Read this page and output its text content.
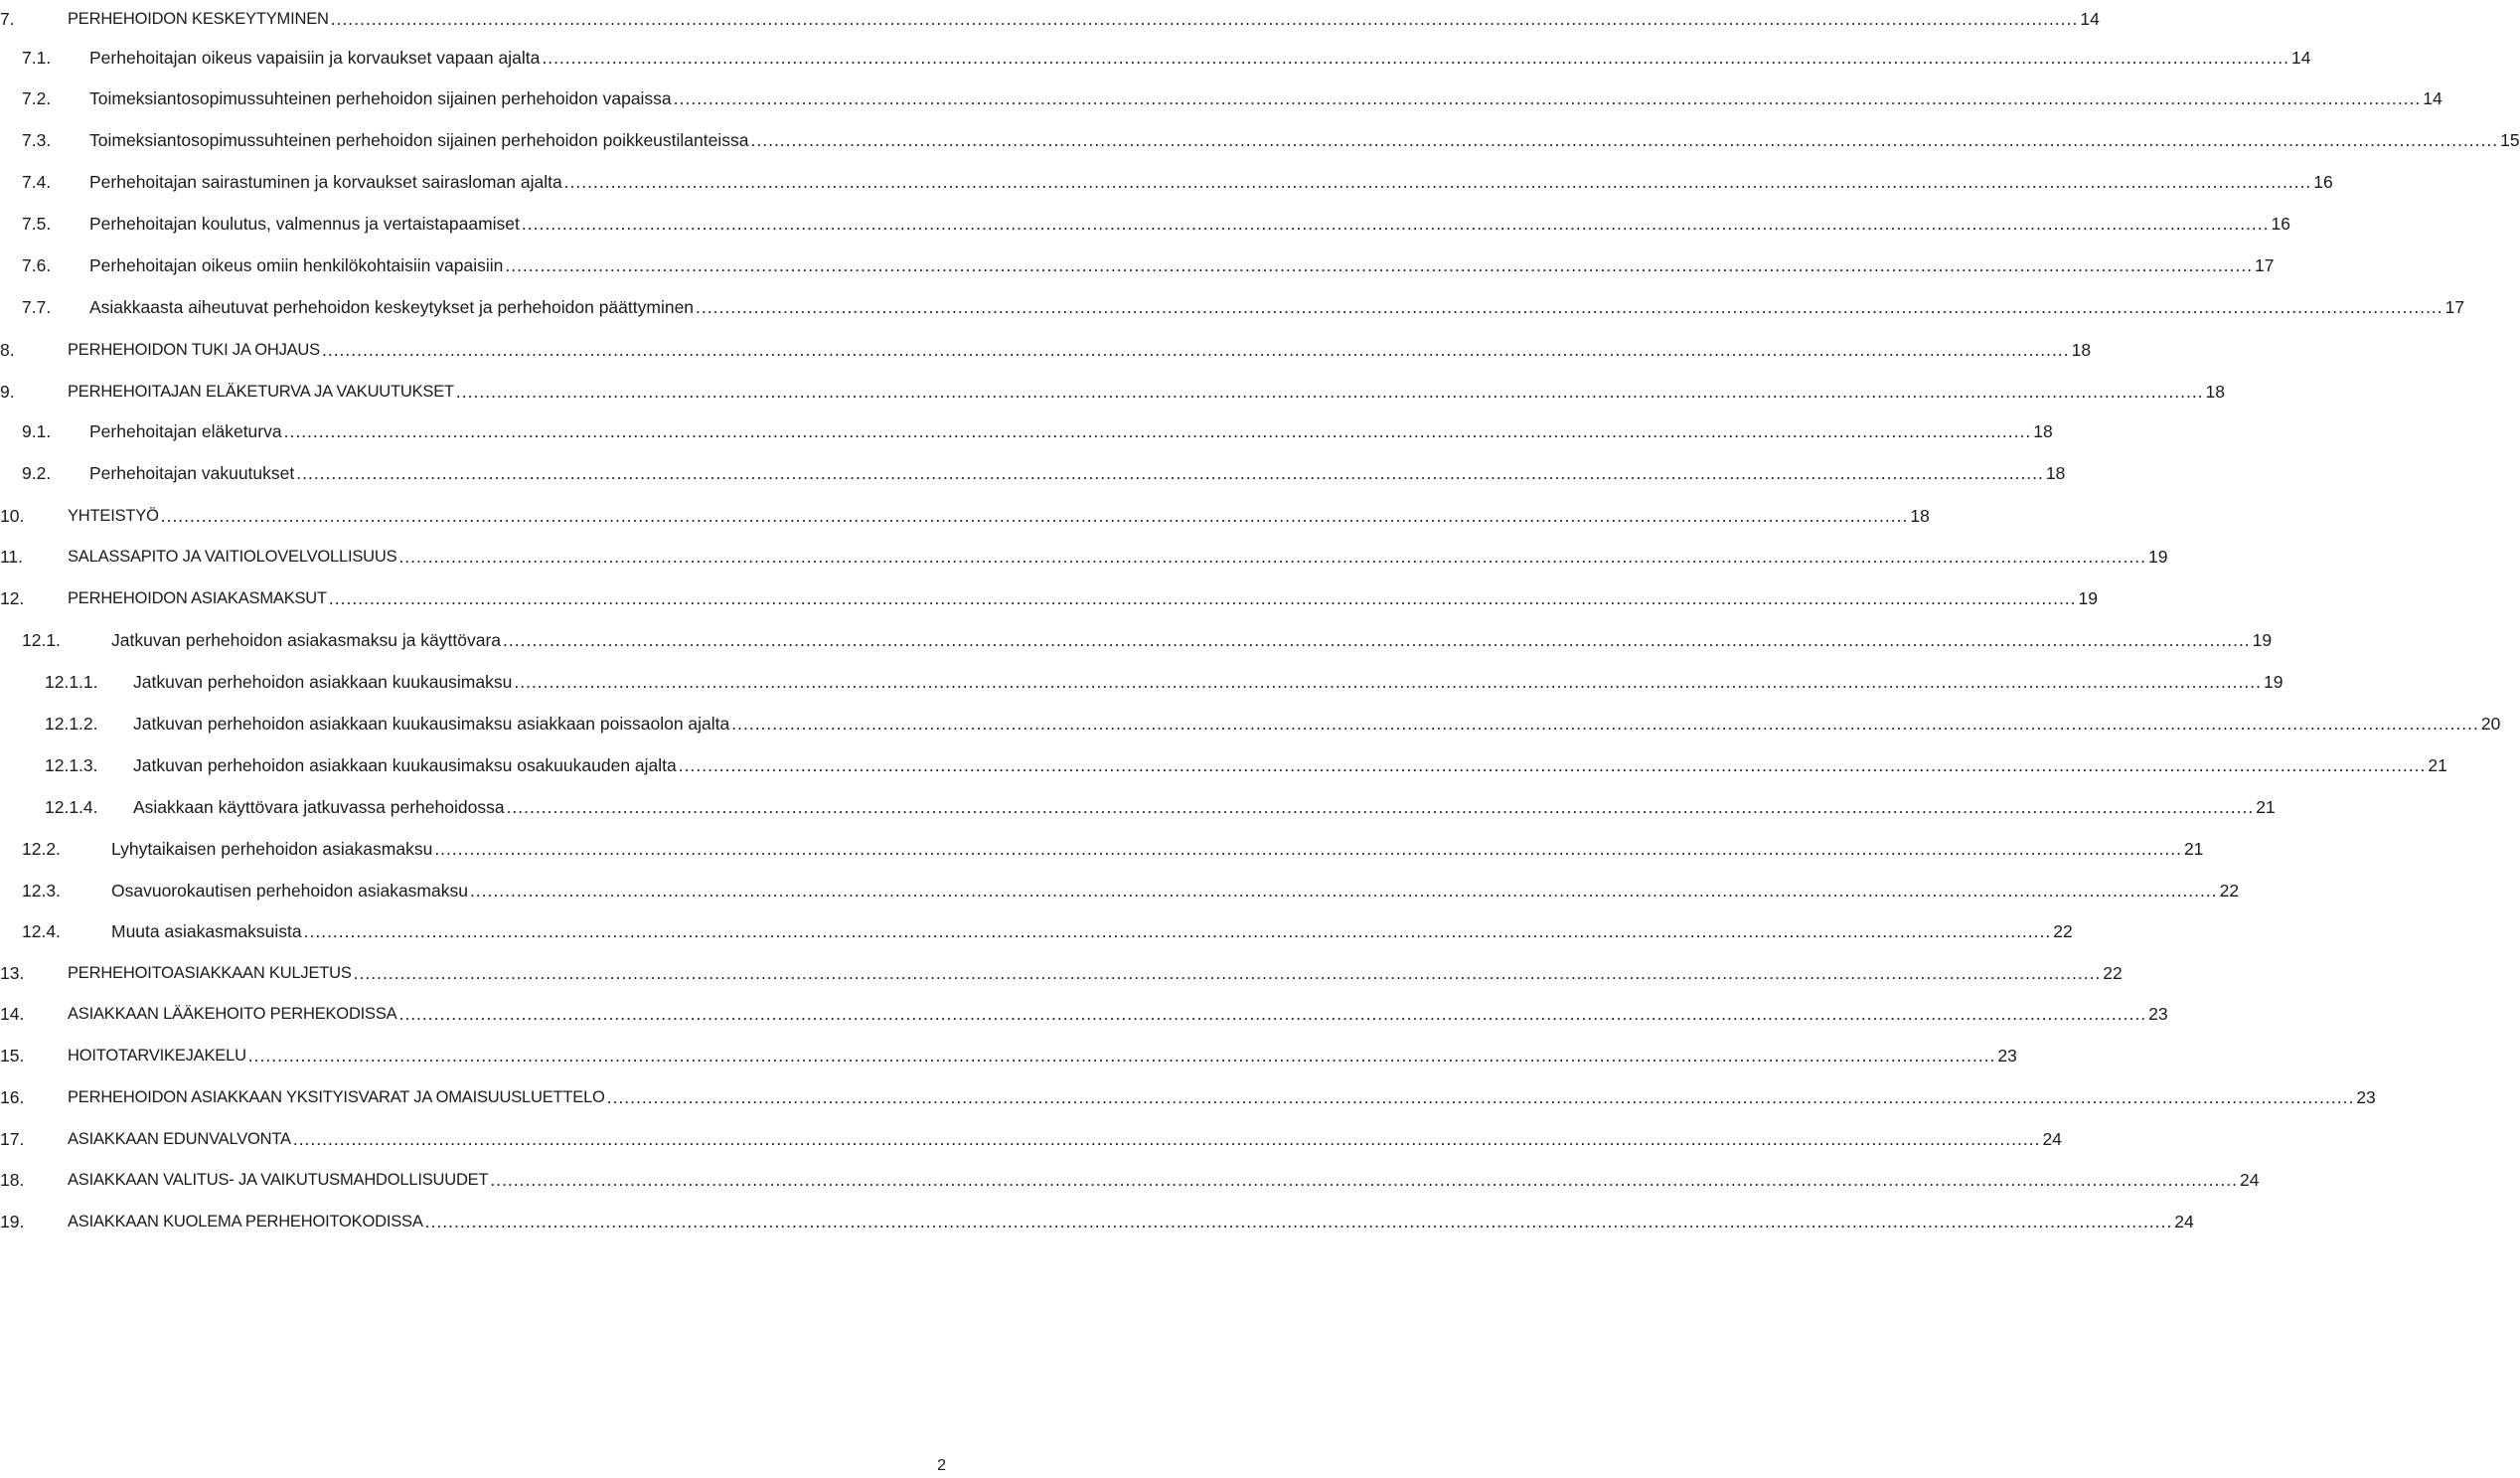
7.	PERHEHOIDON KESKEYTYMINEN ............................................................................................................................................................................................................................................................................................................ 14
7.1. Perhehoitajan oikeus vapaisiin ja korvaukset vapaan ajalta ............................................................................................................................................................................................................................................................................................................ 14
7.2. Toimeksiantosopimussuhteinen perhehoidon sijainen perhehoidon vapaissa ............................................................................................................................................................................................................................................................................................................ 14
7.3. Toimeksiantosopimussuhteinen perhehoidon sijainen perhehoidon poikkeustilanteissa ............................................................................................................................................................................................................................................................................................................ 15
7.4. Perhehoitajan sairastuminen ja korvaukset sairasloman ajalta ............................................................................................................................................................................................................................................................................................................ 16
7.5. Perhehoitajan koulutus, valmennus ja vertaistapaamiset ............................................................................................................................................................................................................................................................................................................ 16
7.6. Perhehoitajan oikeus omiin henkilökohtaisiin vapaisiin ............................................................................................................................................................................................................................................................................................................ 17
7.7. Asiakkaasta aiheutuvat perhehoidon keskeytykset ja perhehoidon päättyminen ............................................................................................................................................................................................................................................................................................................ 17
8.	PERHEHOIDON TUKI JA OHJAUS ............................................................................................................................................................................................................................................................................................................ 18
9.	PERHEHOITAJAN ELÄKETURVA JA VAKUUTUKSET ............................................................................................................................................................................................................................................................................................................ 18
9.1. Perhehoitajan eläketurva ............................................................................................................................................................................................................................................................................................................ 18
9.2. Perhehoitajan vakuutukset ............................................................................................................................................................................................................................................................................................................ 18
10.	YHTEISTYÖ ............................................................................................................................................................................................................................................................................................................ 18
11.	SALASSAPITO JA VAITIOLOVELVOLLISUUS ............................................................................................................................................................................................................................................................................................................ 19
12.	PERHEHOIDON ASIAKASMAKSUT ............................................................................................................................................................................................................................................................................................................ 19
12.1.	Jatkuvan perhehoidon asiakasmaksu ja käyttövara ............................................................................................................................................................................................................................................................................................................ 19
12.1.1. Jatkuvan perhehoidon asiakkaan kuukausimaksu ............................................................................................................................................................................................................................................................................................................ 19
12.1.2. Jatkuvan perhehoidon asiakkaan kuukausimaksu asiakkaan poissaolon ajalta ............................................................................................................................................................................................................................................................................................................ 20
12.1.3. Jatkuvan perhehoidon asiakkaan kuukausimaksu osakuukauden ajalta ............................................................................................................................................................................................................................................................................................................ 21
12.1.4. Asiakkaan käyttövara jatkuvassa perhehoidossa ............................................................................................................................................................................................................................................................................................................ 21
12.2.	Lyhytaikaisen perhehoidon asiakasmaksu ............................................................................................................................................................................................................................................................................................................ 21
12.3.	Osavuorokautisen perhehoidon asiakasmaksu ............................................................................................................................................................................................................................................................................................................ 22
12.4.	Muuta asiakasmaksuista ............................................................................................................................................................................................................................................................................................................ 22
13.	PERHEHOITOASIAKKAAN KULJETUS ............................................................................................................................................................................................................................................................................................................ 22
14.	ASIAKKAAN LÄÄKEHOITO PERHEKODISSA ............................................................................................................................................................................................................................................................................................................ 23
15.	HOITOTARVIKEJAKELU ............................................................................................................................................................................................................................................................................................................ 23
16.	PERHEHOIDON ASIAKKAAN YKSITYISVARAT JA OMAISUUSLUETTELO ............................................................................................................................................................................................................................................................................................................ 23
17.	ASIAKKAAN EDUNVALVONTA ............................................................................................................................................................................................................................................................................................................ 24
18.	ASIAKKAAN VALITUS- JA VAIKUTUSMAHDOLLISUUDET ............................................................................................................................................................................................................................................................................................................ 24
19.	ASIAKKAAN KUOLEMA PERHEHOITOKODISSA ............................................................................................................................................................................................................................................................................................................ 24
2
